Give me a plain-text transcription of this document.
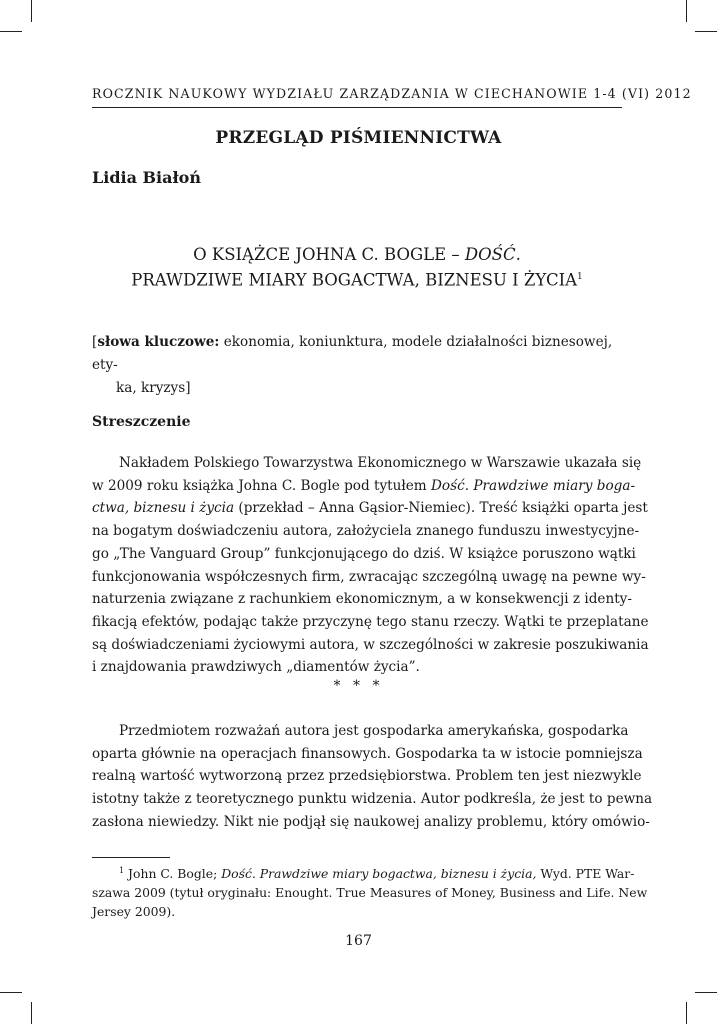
ROCZNIK NAUKOWY WYDZIAŁU ZARZĄDZANIA W CIECHANOWIE 1-4 (VI) 2012
PRZEGLĄD PIŚMIENNICTWA
Lidia Białoń
O KSIĄŻCE JOHNA C. BOGLE – DOŚĆ.
PRAWDZIWE MIARY BOGACTWA, BIZNESU I ŻYCIA$^1$
[słowa kluczowe: ekonomia, koniunktura, modele działalności biznesowej, ety-
ka, kryzys]
Streszczenie
Nakładem Polskiego Towarzystwa Ekonomicznego w Warszawie ukazała się
w 2009 roku książka Johna C. Bogle pod tytułem Dość. Prawdziwe miary boga-
ctwa, biznesu i życia (przekład – Anna Gąsior-Niemiec). Treść książki oparta jest
na bogatym doświadczeniu autora, założyciela znanego funduszu inwestycyjne-
go „The Vanguard Group” funkcjonującego do dziś. W książce poruszono wątki
funkcjonowania współczesnych firm, zwracając szczególną uwagę na pewne wy-
naturzenia związane z rachunkiem ekonomicznym, a w konsekwencji z identy-
fikacją efektów, podając także przyczynę tego stanu rzeczy. Wątki te przeplatane
są doświadczeniami życiowymi autora, w szczególności w zakresie poszukiwania
i znajdowania prawdziwych „diamentów życia”.
* * *
Przedmiotem rozważań autora jest gospodarka amerykańska, gospodarka
oparta głównie na operacjach finansowych. Gospodarka ta w istocie pomniejsza
realną wartość wytworzoną przez przedsiębiorstwa. Problem ten jest niezwykle
istotny także z teoretycznego punktu widzenia. Autor podkreśla, że jest to pewna
zasłona niewiedzy. Nikt nie podjął się naukowej analizy problemu, który omówio-
$^1$ John C. Bogle; Dość. Prawdziwe miary bogactwa, biznesu i życia, Wyd. PTE War-
szawa 2009 (tytuł oryginału: Enought. True Measures of Money, Business and Life. New
Jersey 2009).
167
